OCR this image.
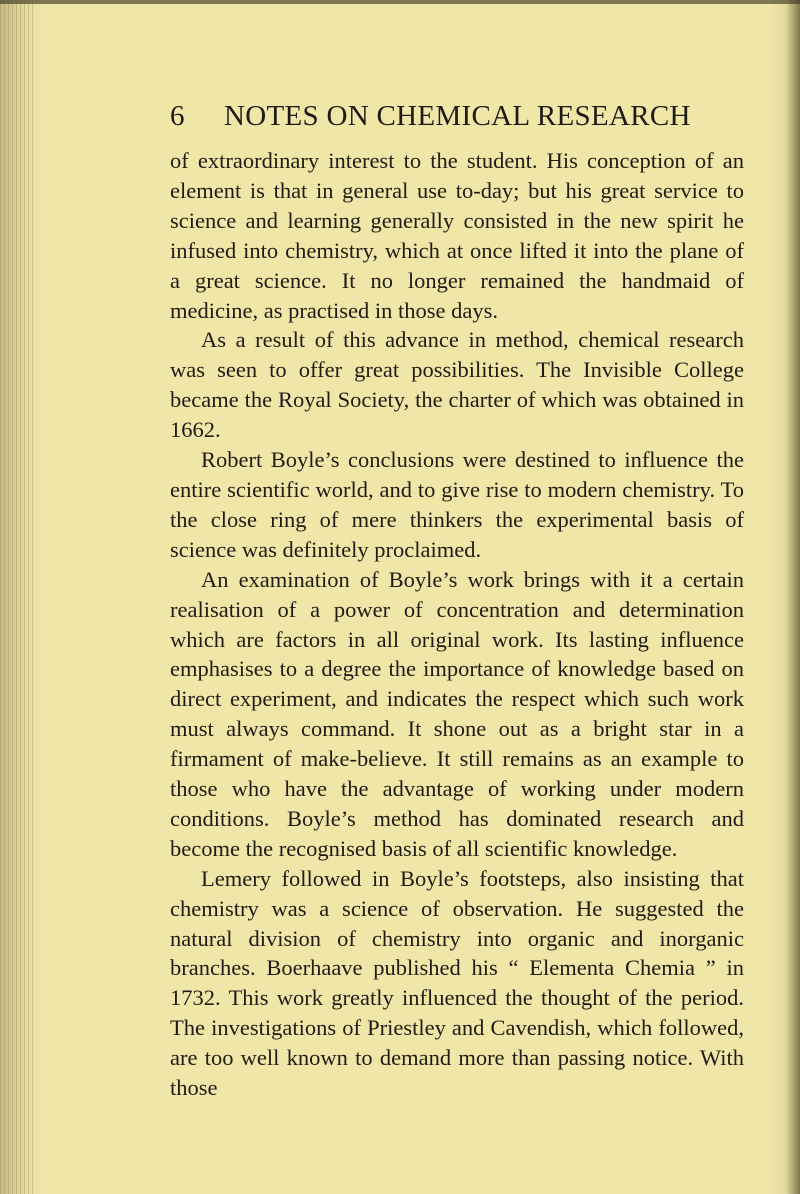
6 NOTES ON CHEMICAL RESEARCH

of extraordinary interest to the student. His conception of an element is that in general use to-day; but his great service to science and learning generally consisted in the new spirit he infused into chemistry, which at once lifted it into the plane of a great science. It no longer remained the handmaid of medicine, as practised in those days.

As a result of this advance in method, chemical research was seen to offer great possibilities. The Invisible College became the Royal Society, the charter of which was obtained in 1662.

Robert Boyle’s conclusions were destined to influence the entire scientific world, and to give rise to modern chemistry. To the close ring of mere thinkers the experimental basis of science was definitely proclaimed.

An examination of Boyle’s work brings with it a certain realisation of a power of concentration and determination which are factors in all original work. Its lasting influence emphasises to a degree the importance of knowledge based on direct experiment, and indicates the respect which such work must always command. It shone out as a bright star in a firmament of make-believe. It still remains as an example to those who have the advantage of working under modern conditions. Boyle’s method has dominated research and become the recognised basis of all scientific knowledge.

Lemery followed in Boyle’s footsteps, also insisting that chemistry was a science of observation. He suggested the natural division of chemistry into organic and inorganic branches. Boerhaave published his “ Elementa Chemia ” in 1732. This work greatly influenced the thought of the period. The investigations of Priestley and Cavendish, which followed, are too well known to demand more than passing notice. With those
